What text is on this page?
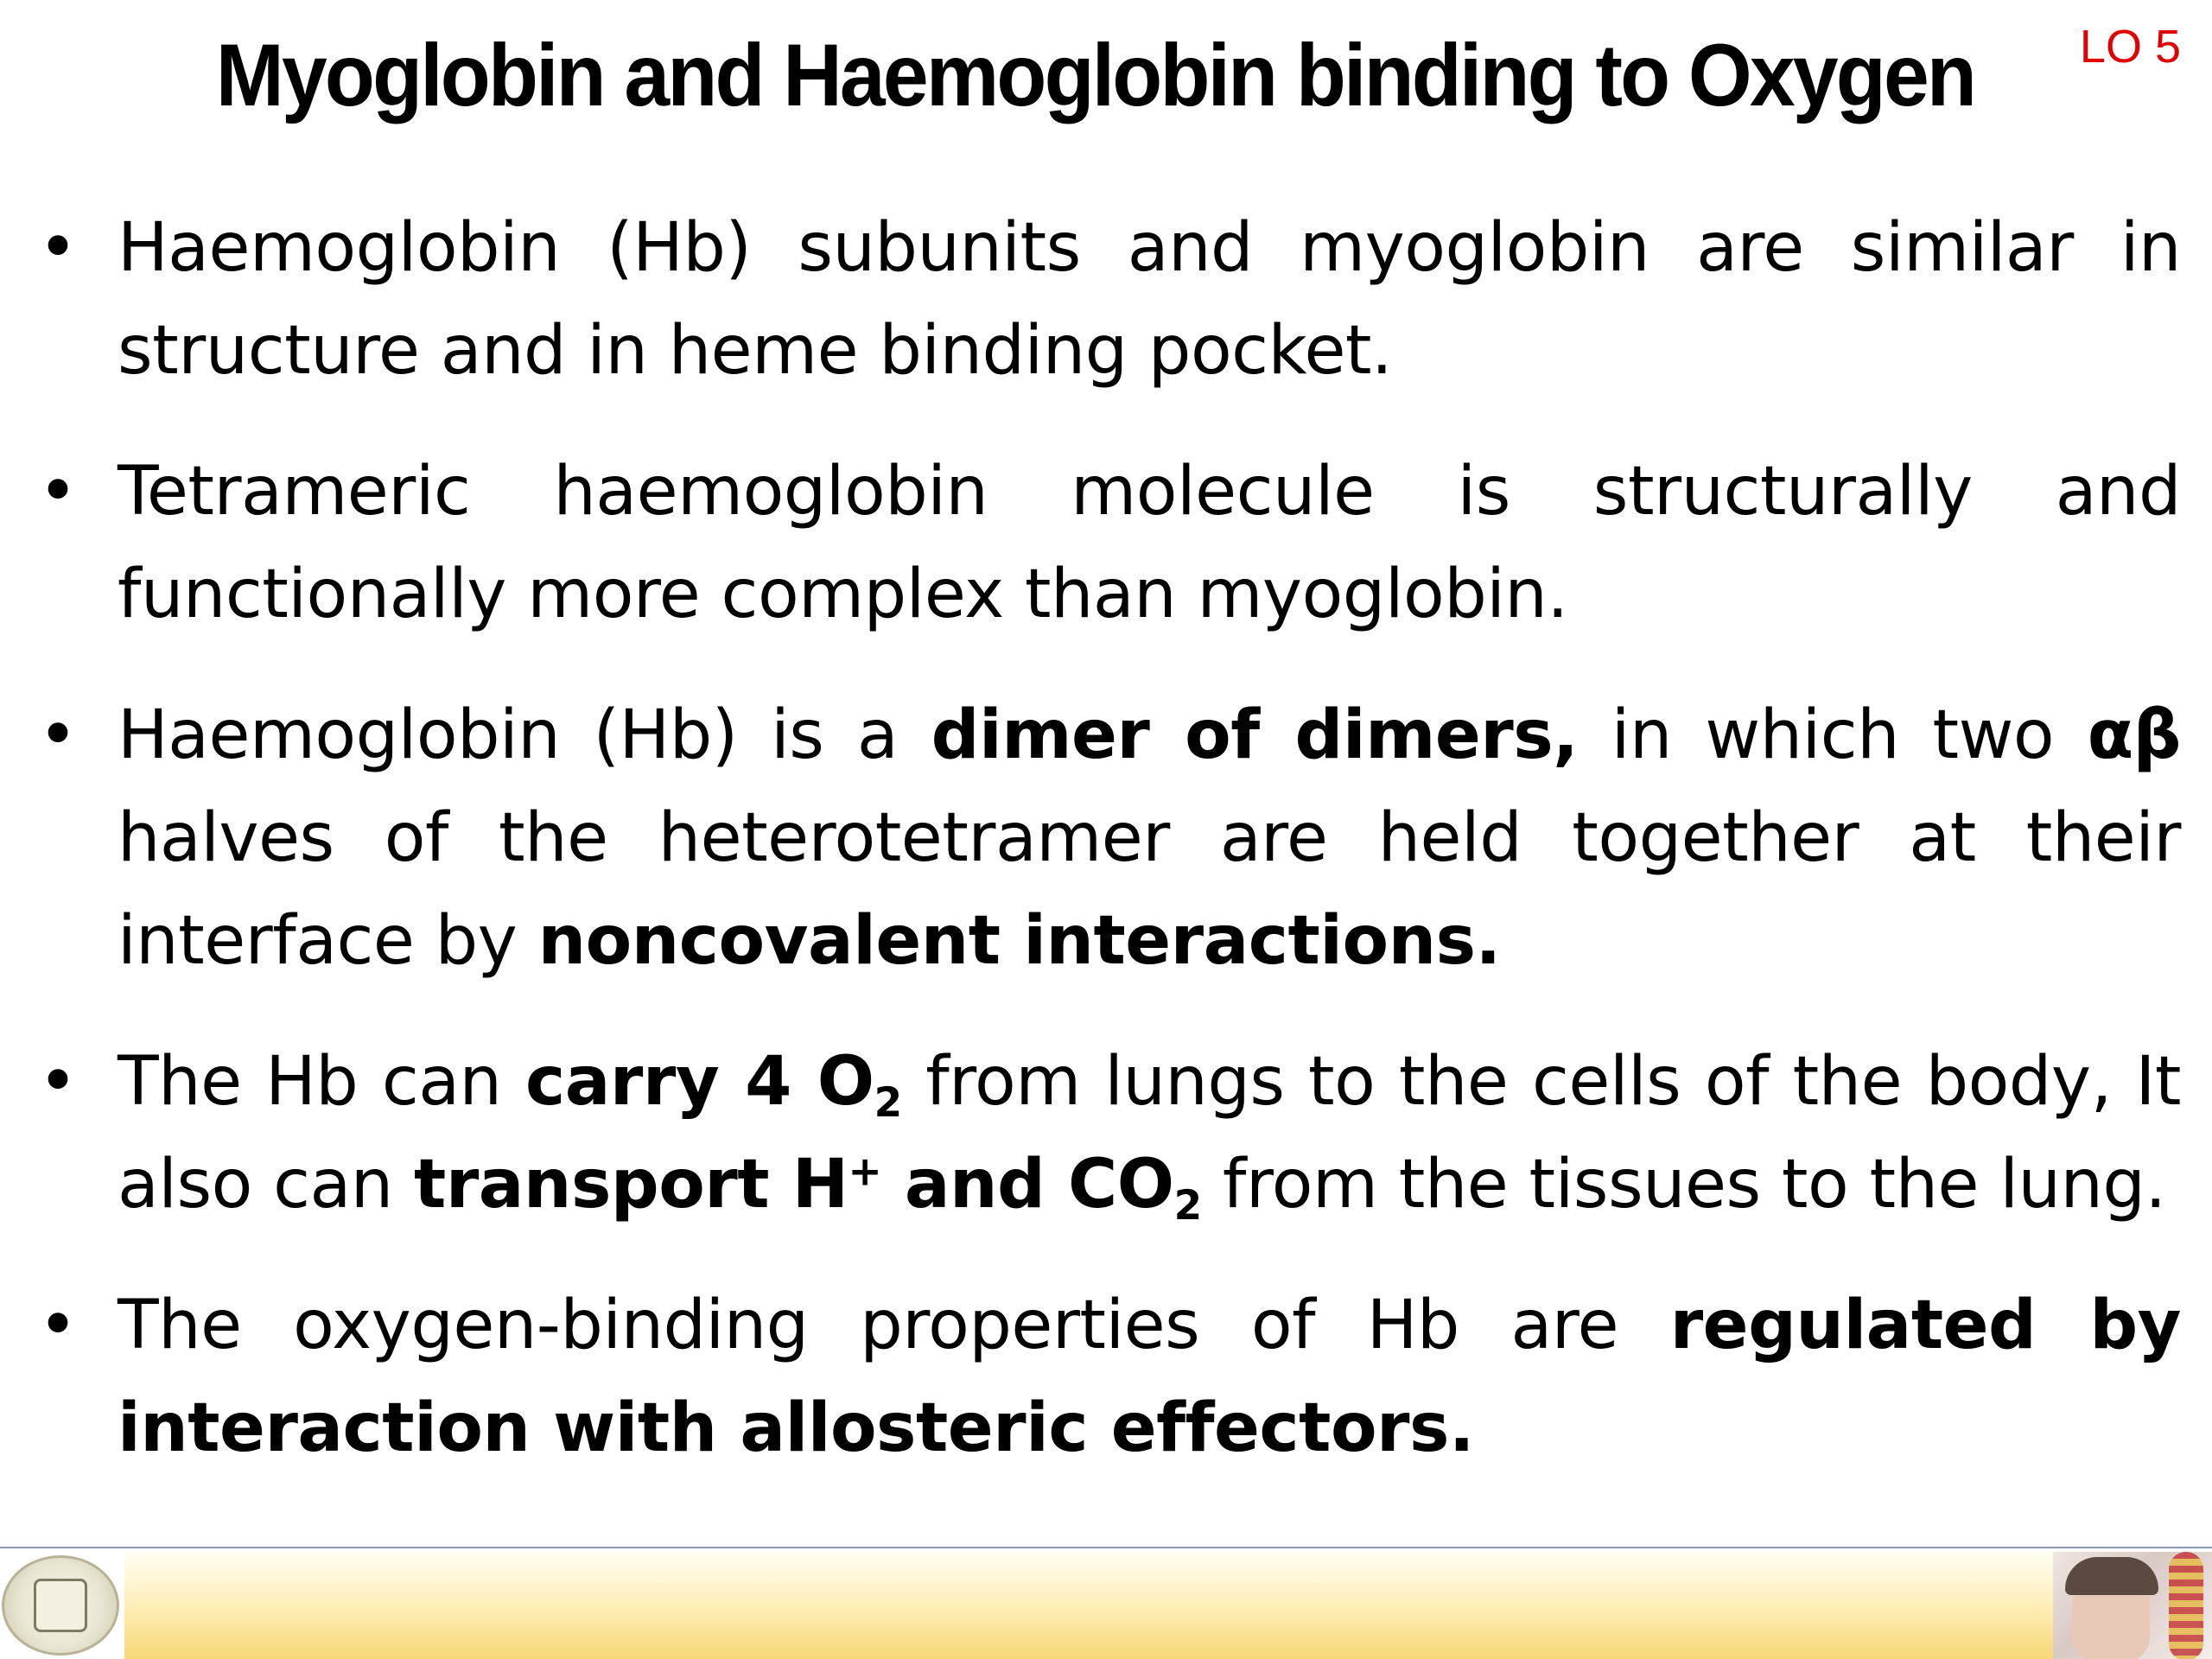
Myoglobin and Haemoglobin binding to Oxygen	LO 5
• Haemoglobin (Hb) subunits and myoglobin are similar in structure and in heme binding pocket.
• Tetrameric haemoglobin molecule is structurally and functionally more complex than myoglobin.
• Haemoglobin (Hb) is a dimer of dimers, in which two αβ halves of the heterotetramer are held together at their interface by noncovalent interactions.
• The Hb can carry 4 $O_2$ from lungs to the cells of the body, It also can transport H+ and $CO_2$ from the tissues to the lung.
• The oxygen-binding properties of Hb are regulated by interaction with allosteric effectors.
